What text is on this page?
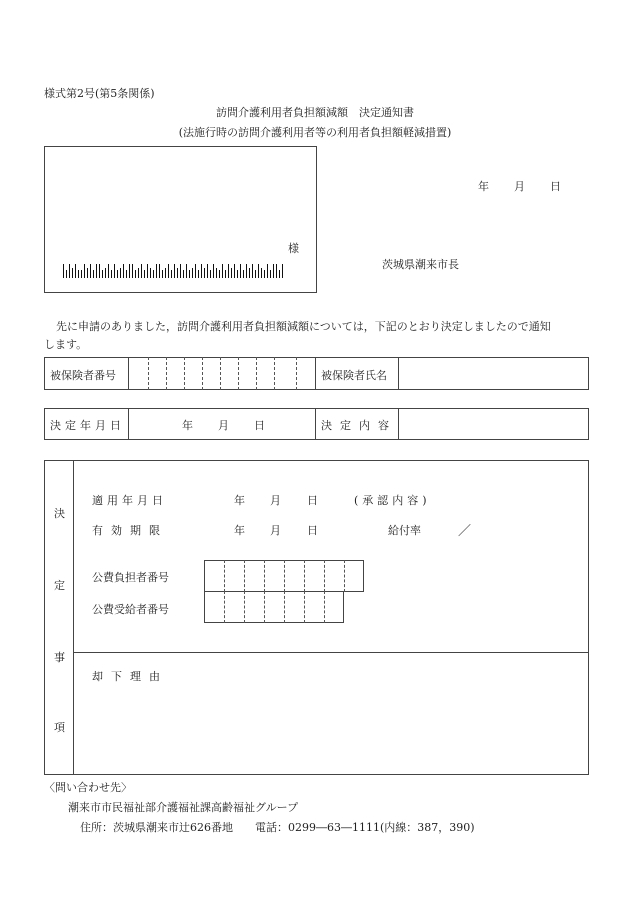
様式第2号(第5条関係)
訪問介護利用者負担額減額　決定通知書
(法施行時の訪問介護利用者等の利用者負担額軽減措置)
様
年 月 日
茨城県潮来市長
先に申請のありました，訪問介護利用者負担額減額については，下記のとおり決定しましたので通知
します。
被保険者番号	被保険者氏名
決定年月日	年 月 日	決定内容
決
定
事
項
適用年月日	年 月 日	(承認内容)
有効期限	年 月 日	給付率	／
公費負担者番号
公費受給者番号
却下理由
〈問い合わせ先〉
潮来市市民福祉部介護福祉課高齢福祉グループ
住所：茨城県潮来市辻626番地　　電話：0299―63―1111(内線：387，390)
